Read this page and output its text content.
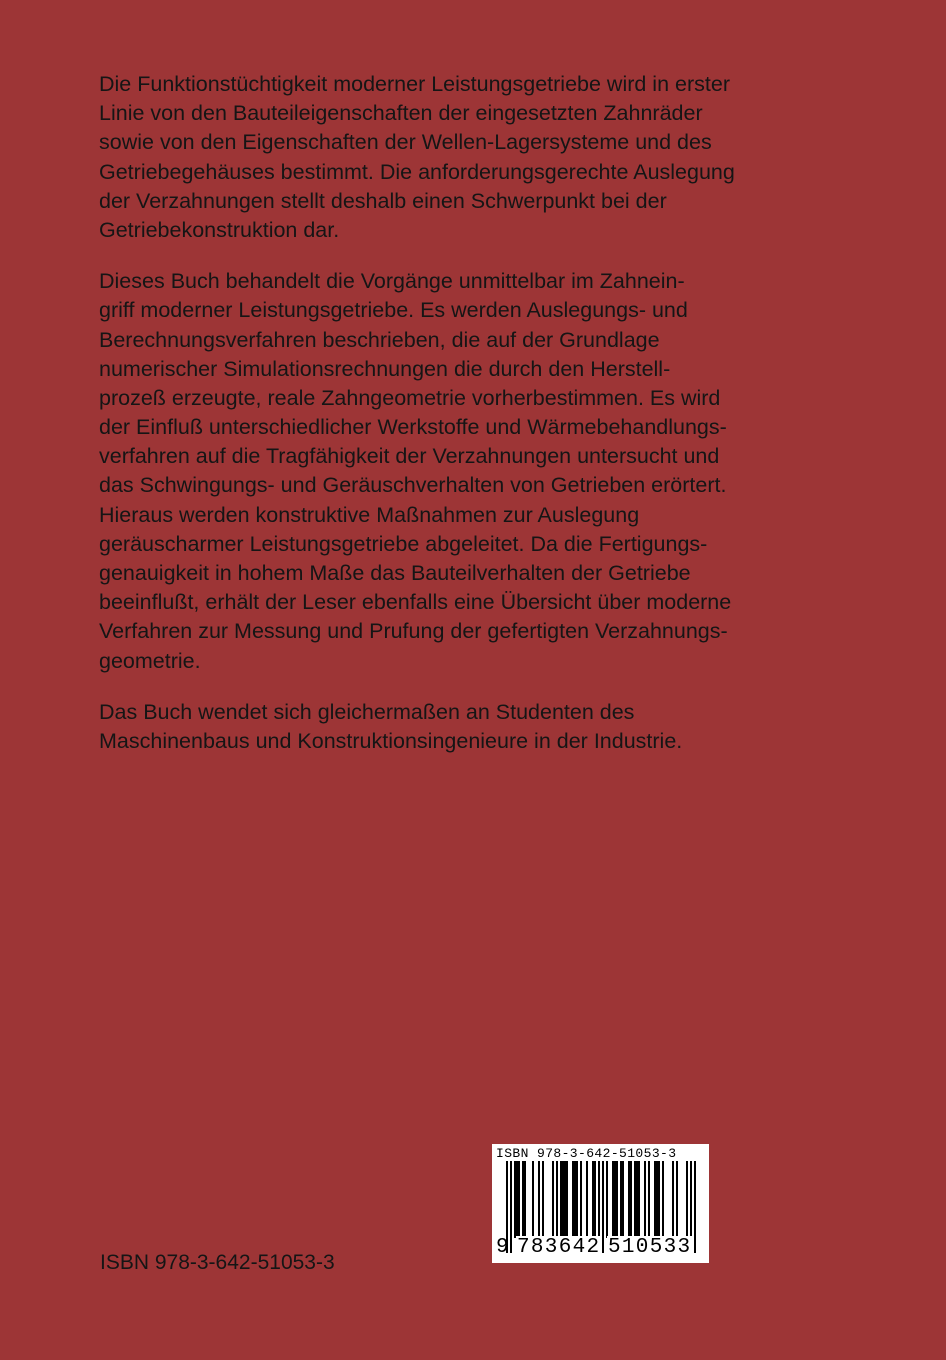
Die Funktionstüchtigkeit moderner Leistungsgetriebe wird in erster
Linie von den Bauteileigenschaften der eingesetzten Zahnräder
sowie von den Eigenschaften der Wellen-Lagersysteme und des
Getriebegehäuses bestimmt. Die anforderungsgerechte Auslegung
der Verzahnungen stellt deshalb einen Schwerpunkt bei der
Getriebekonstruktion dar.

Dieses Buch behandelt die Vorgänge unmittelbar im Zahnein-
griff moderner Leistungsgetriebe. Es werden Auslegungs- und
Berechnungsverfahren beschrieben, die auf der Grundlage
numerischer Simulationsrechnungen die durch den Herstell-
prozeß erzeugte, reale Zahngeometrie vorherbestimmen. Es wird
der Einfluß unterschiedlicher Werkstoffe und Wärmebehandlungs-
verfahren auf die Tragfähigkeit der Verzahnungen untersucht und
das Schwingungs- und Geräuschverhalten von Getrieben erörtert.
Hieraus werden konstruktive Maßnahmen zur Auslegung
geräuscharmer Leistungsgetriebe abgeleitet. Da die Fertigungs-
genauigkeit in hohem Maße das Bauteilverhalten der Getriebe
beeinflußt, erhält der Leser ebenfalls eine Übersicht über moderne
Verfahren zur Messung und Prufung der gefertigten Verzahnungs-
geometrie.

Das Buch wendet sich gleichermaßen an Studenten des
Maschinenbaus und Konstruktionsingenieure in der Industrie.

ISBN 978-3-642-51053-3
ISBN 978-3-642-51053-3
9 783642 510533
